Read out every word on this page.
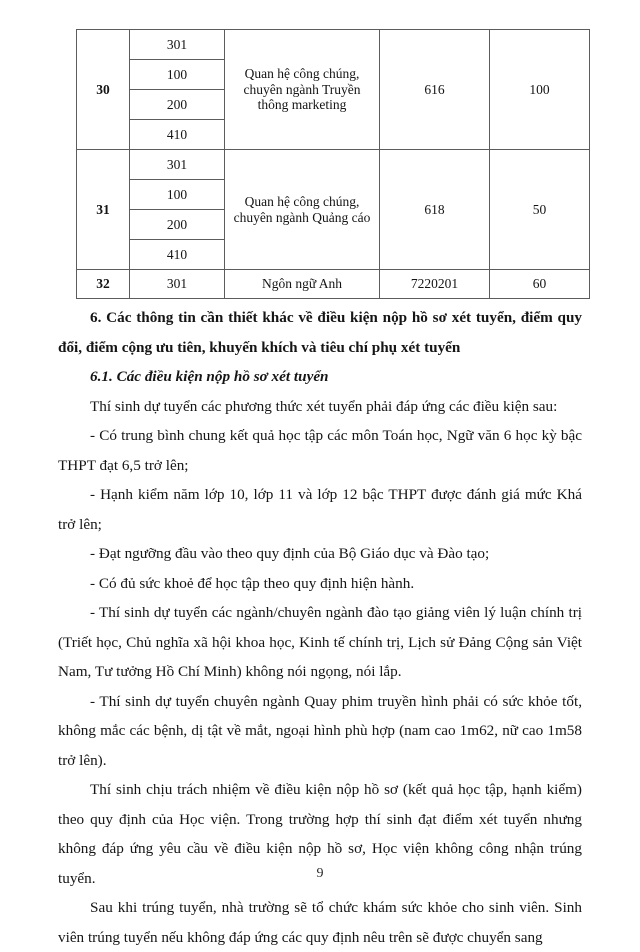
30	301	Quan hệ công chúng, chuyên ngành Truyền thông marketing	616	100
	100			
	200			
	410			
31	301	Quan hệ công chúng, chuyên ngành Quảng cáo	618	50
	100			
	200			
	410			
32	301	Ngôn ngữ Anh	7220201	60

6. Các thông tin cần thiết khác về điều kiện nộp hồ sơ xét tuyển, điểm quy đổi, điểm cộng ưu tiên, khuyến khích và tiêu chí phụ xét tuyển

6.1. Các điều kiện nộp hồ sơ xét tuyển

Thí sinh dự tuyển các phương thức xét tuyển phải đáp ứng các điều kiện sau:

- Có trung bình chung kết quả học tập các môn Toán học, Ngữ văn 6 học kỳ bậc THPT đạt 6,5 trở lên;

- Hạnh kiểm năm lớp 10, lớp 11 và lớp 12 bậc THPT được đánh giá mức Khá trở lên;

- Đạt ngưỡng đầu vào theo quy định của Bộ Giáo dục và Đào tạo;

- Có đủ sức khoẻ để học tập theo quy định hiện hành.

- Thí sinh dự tuyển các ngành/chuyên ngành đào tạo giảng viên lý luận chính trị (Triết học, Chủ nghĩa xã hội khoa học, Kinh tế chính trị, Lịch sử Đảng Cộng sản Việt Nam, Tư tưởng Hồ Chí Minh) không nói ngọng, nói lắp.

- Thí sinh dự tuyển chuyên ngành Quay phim truyền hình phải có sức khỏe tốt, không mắc các bệnh, dị tật về mắt, ngoại hình phù hợp (nam cao 1m62, nữ cao 1m58 trở lên).

Thí sinh chịu trách nhiệm về điều kiện nộp hồ sơ (kết quả học tập, hạnh kiểm) theo quy định của Học viện. Trong trường hợp thí sinh đạt điểm xét tuyển nhưng không đáp ứng yêu cầu về điều kiện nộp hồ sơ, Học viện không công nhận trúng tuyển.

Sau khi trúng tuyển, nhà trường sẽ tổ chức khám sức khỏe cho sinh viên. Sinh viên trúng tuyển nếu không đáp ứng các quy định nêu trên sẽ được chuyển sang

9
